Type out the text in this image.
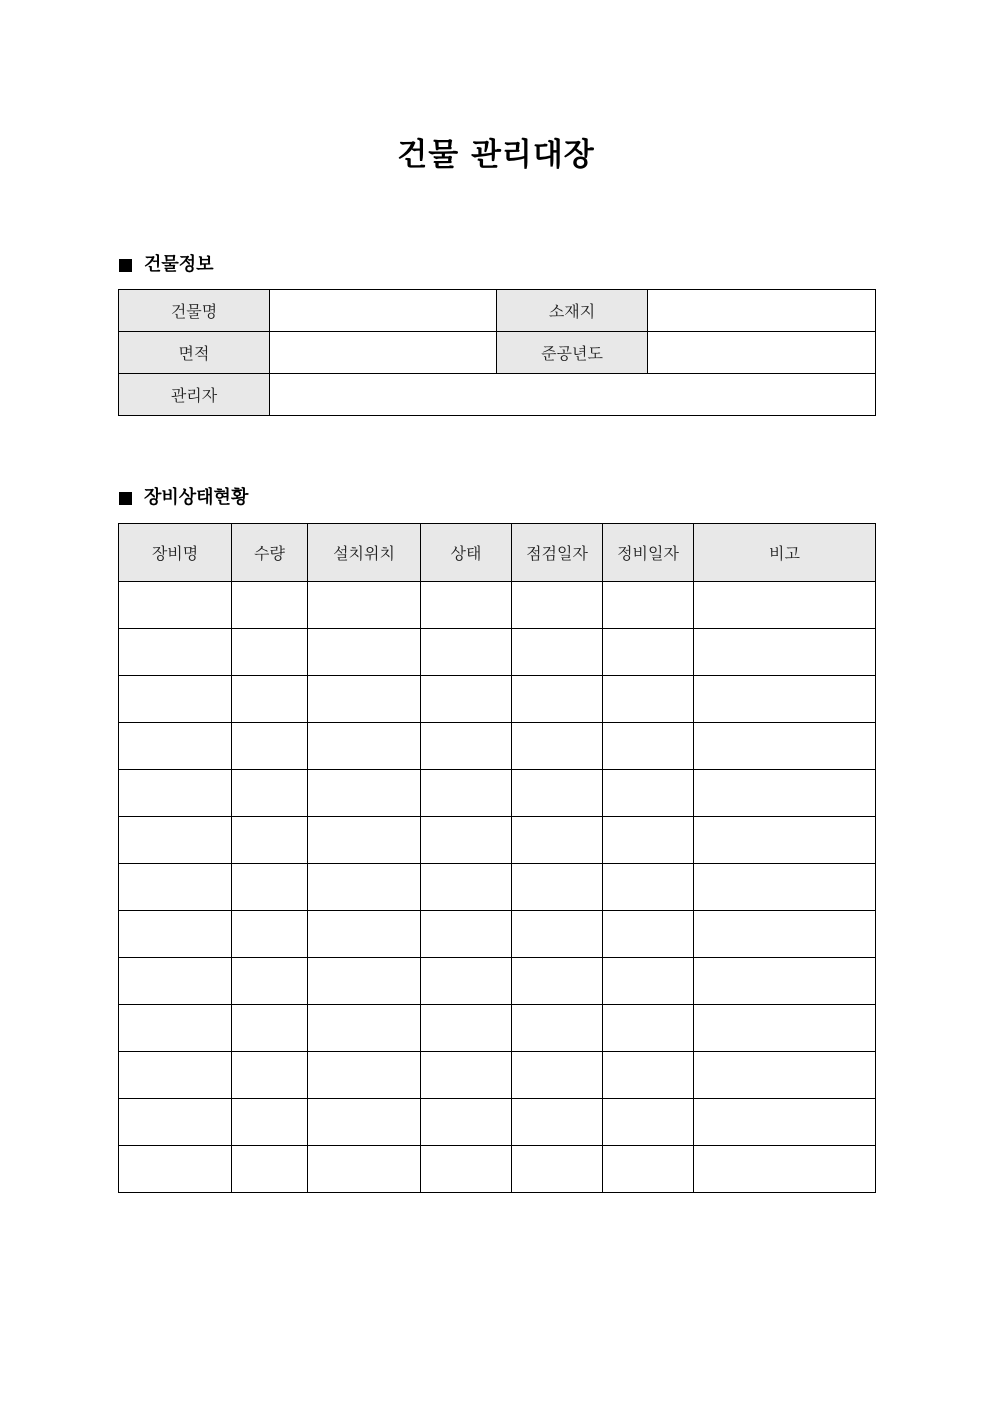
건물 관리대장
건물정보
건물명		소재지	
면적		준공년도	
관리자			
장비상태현황
장비명	수량	설치위치	상태	점검일자	정비일자	비고
